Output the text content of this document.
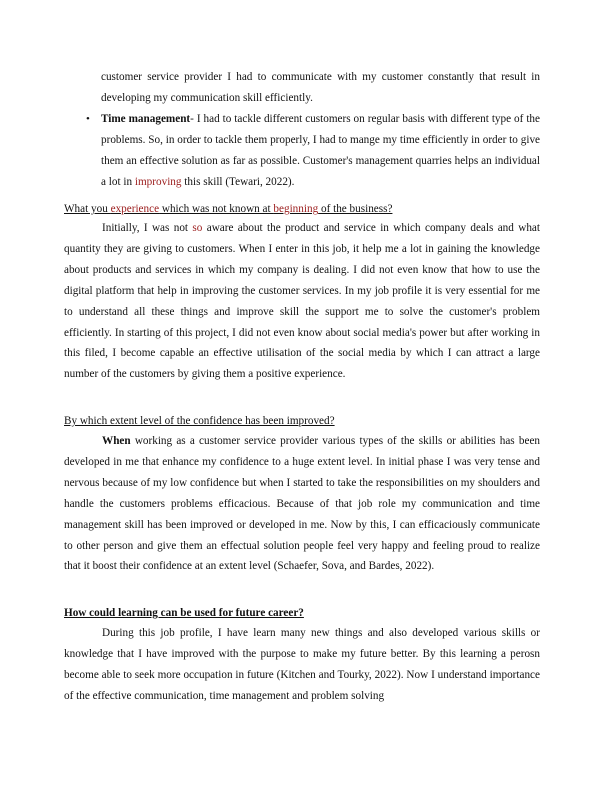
customer service provider I had to communicate with my customer constantly that result in developing my communication skill efficiently.

• Time management- I had to tackle different customers on regular basis with different type of the problems. So, in order to tackle them properly, I had to mange my time efficiently in order to give them an effective solution as far as possible. Customer's management quarries helps an individual a lot in improving this skill (Tewari, 2022).

What you experience which was not known at beginning of the business?

Initially, I was not so aware about the product and service in which company deals and what quantity they are giving to customers. When I enter in this job, it help me a lot in gaining the knowledge about products and services in which my company is dealing. I did not even know that how to use the digital platform that help in improving the customer services. In my job profile it is very essential for me to understand all these things and improve skill the support me to solve the customer's problem efficiently. In starting of this project, I did not even know about social media's power but after working in this filed, I become capable an effective utilisation of the social media by which I can attract a large number of the customers by giving them a positive experience.

By which extent level of the confidence has been improved?

When working as a customer service provider various types of the skills or abilities has been developed in me that enhance my confidence to a huge extent level. In initial phase I was very tense and nervous because of my low confidence but when I started to take the responsibilities on my shoulders and handle the customers problems efficacious. Because of that job role my communication and time management skill has been improved or developed in me. Now by this, I can efficaciously communicate to other person and give them an effectual solution people feel very happy and feeling proud to realize that it boost their confidence at an extent level (Schaefer, Sova, and Bardes, 2022).

How could learning can be used for future career?

During this job profile, I have learn many new things and also developed various skills or knowledge that I have improved with the purpose to make my future better. By this learning a perosn become able to seek more occupation in future (Kitchen and Tourky, 2022). Now I understand importance of the effective communication, time management and problem solving
